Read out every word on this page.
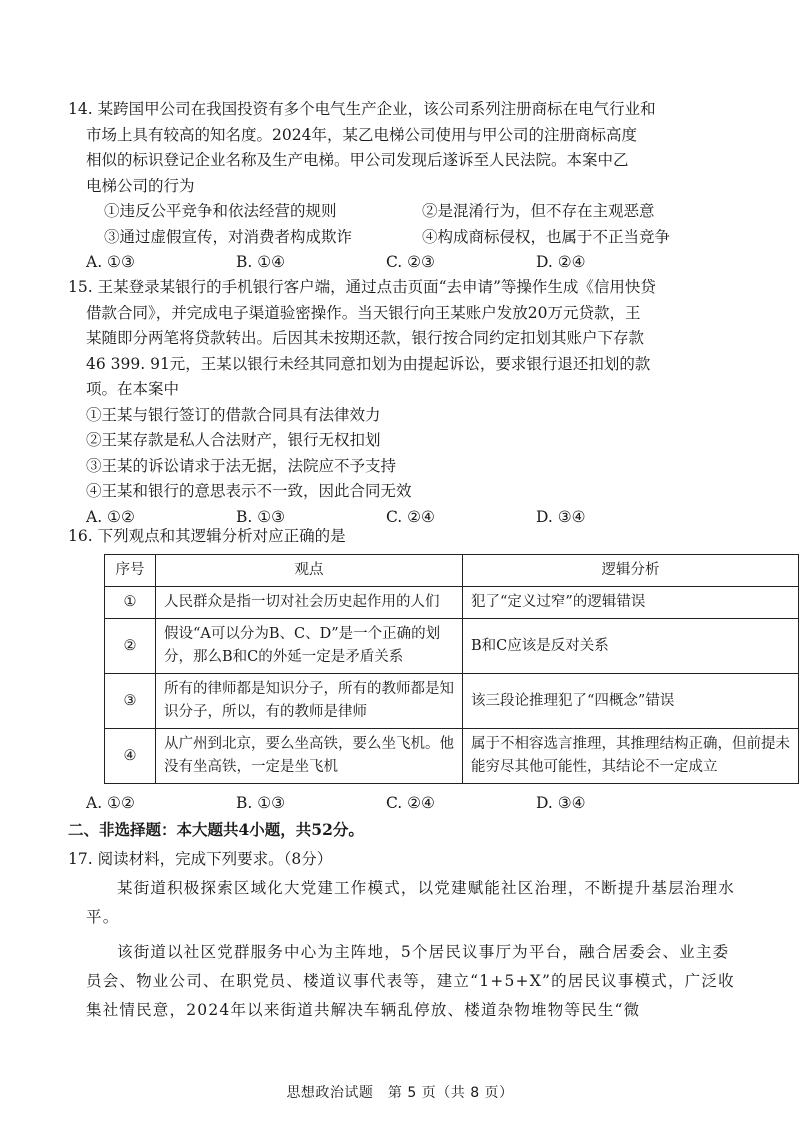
14. 某跨国甲公司在我国投资有多个电气生产企业，该公司系列注册商标在电气行业和

市场上具有较高的知名度。2024年，某乙电梯公司使用与甲公司的注册商标高度

相似的标识登记企业名称及生产电梯。甲公司发现后遂诉至人民法院。本案中乙

电梯公司的行为

①违反公平竞争和依法经营的规则	②是混淆行为，但不存在主观恶意
③通过虚假宣传，对消费者构成欺诈	④构成商标侵权，也属于不正当竞争
A. ①③	B. ①④	C. ②③	D. ②④

15. 王某登录某银行的手机银行客户端，通过点击页面“去申请”等操作生成《信用快贷

借款合同》，并完成电子渠道验密操作。当天银行向王某账户发放20万元贷款，王

某随即分两笔将贷款转出。后因其未按期还款，银行按合同约定扣划其账户下存款

46 399. 91元，王某以银行未经其同意扣划为由提起诉讼，要求银行退还扣划的款

项。在本案中

①王某与银行签订的借款合同具有法律效力

②王某存款是私人合法财产，银行无权扣划

③王某的诉讼请求于法无据，法院应不予支持

④王某和银行的意思表示不一致，因此合同无效

A. ①②	B. ①③	C. ②④	D. ③④

16. 下列观点和其逻辑分析对应正确的是

序号	观点	逻辑分析
①	人民群众是指一切对社会历史起作用的人们	犯了“定义过窄”的逻辑错误
②	假设“A可以分为B、C、D”是一个正确的划分，那么B和C的外延一定是矛盾关系	B和C应该是反对关系
③	所有的律师都是知识分子，所有的教师都是知识分子，所以，有的教师是律师	该三段论推理犯了“四概念”错误
④	从广州到北京，要么坐高铁，要么坐飞机。他没有坐高铁，一定是坐飞机	属于不相容选言推理，其推理结构正确，但前提未能穷尽其他可能性，其结论不一定成立
A. ①②	B. ①③	C. ②④	D. ③④
二、非选择题：本大题共4小题，共52分。

17. 阅读材料，完成下列要求。（8分）

某街道积极探索区域化大党建工作模式，以党建赋能社区治理，不断提升基层治理水平。

该街道以社区党群服务中心为主阵地，5个居民议事厅为平台，融合居委会、业主委员会、物业公司、在职党员、楼道议事代表等，建立“1+5+X”的居民议事模式，广泛收集社情民意，2024年以来街道共解决车辆乱停放、楼道杂物堆物等民生“微

思想政治试题　第 5 页（共 8 页）
